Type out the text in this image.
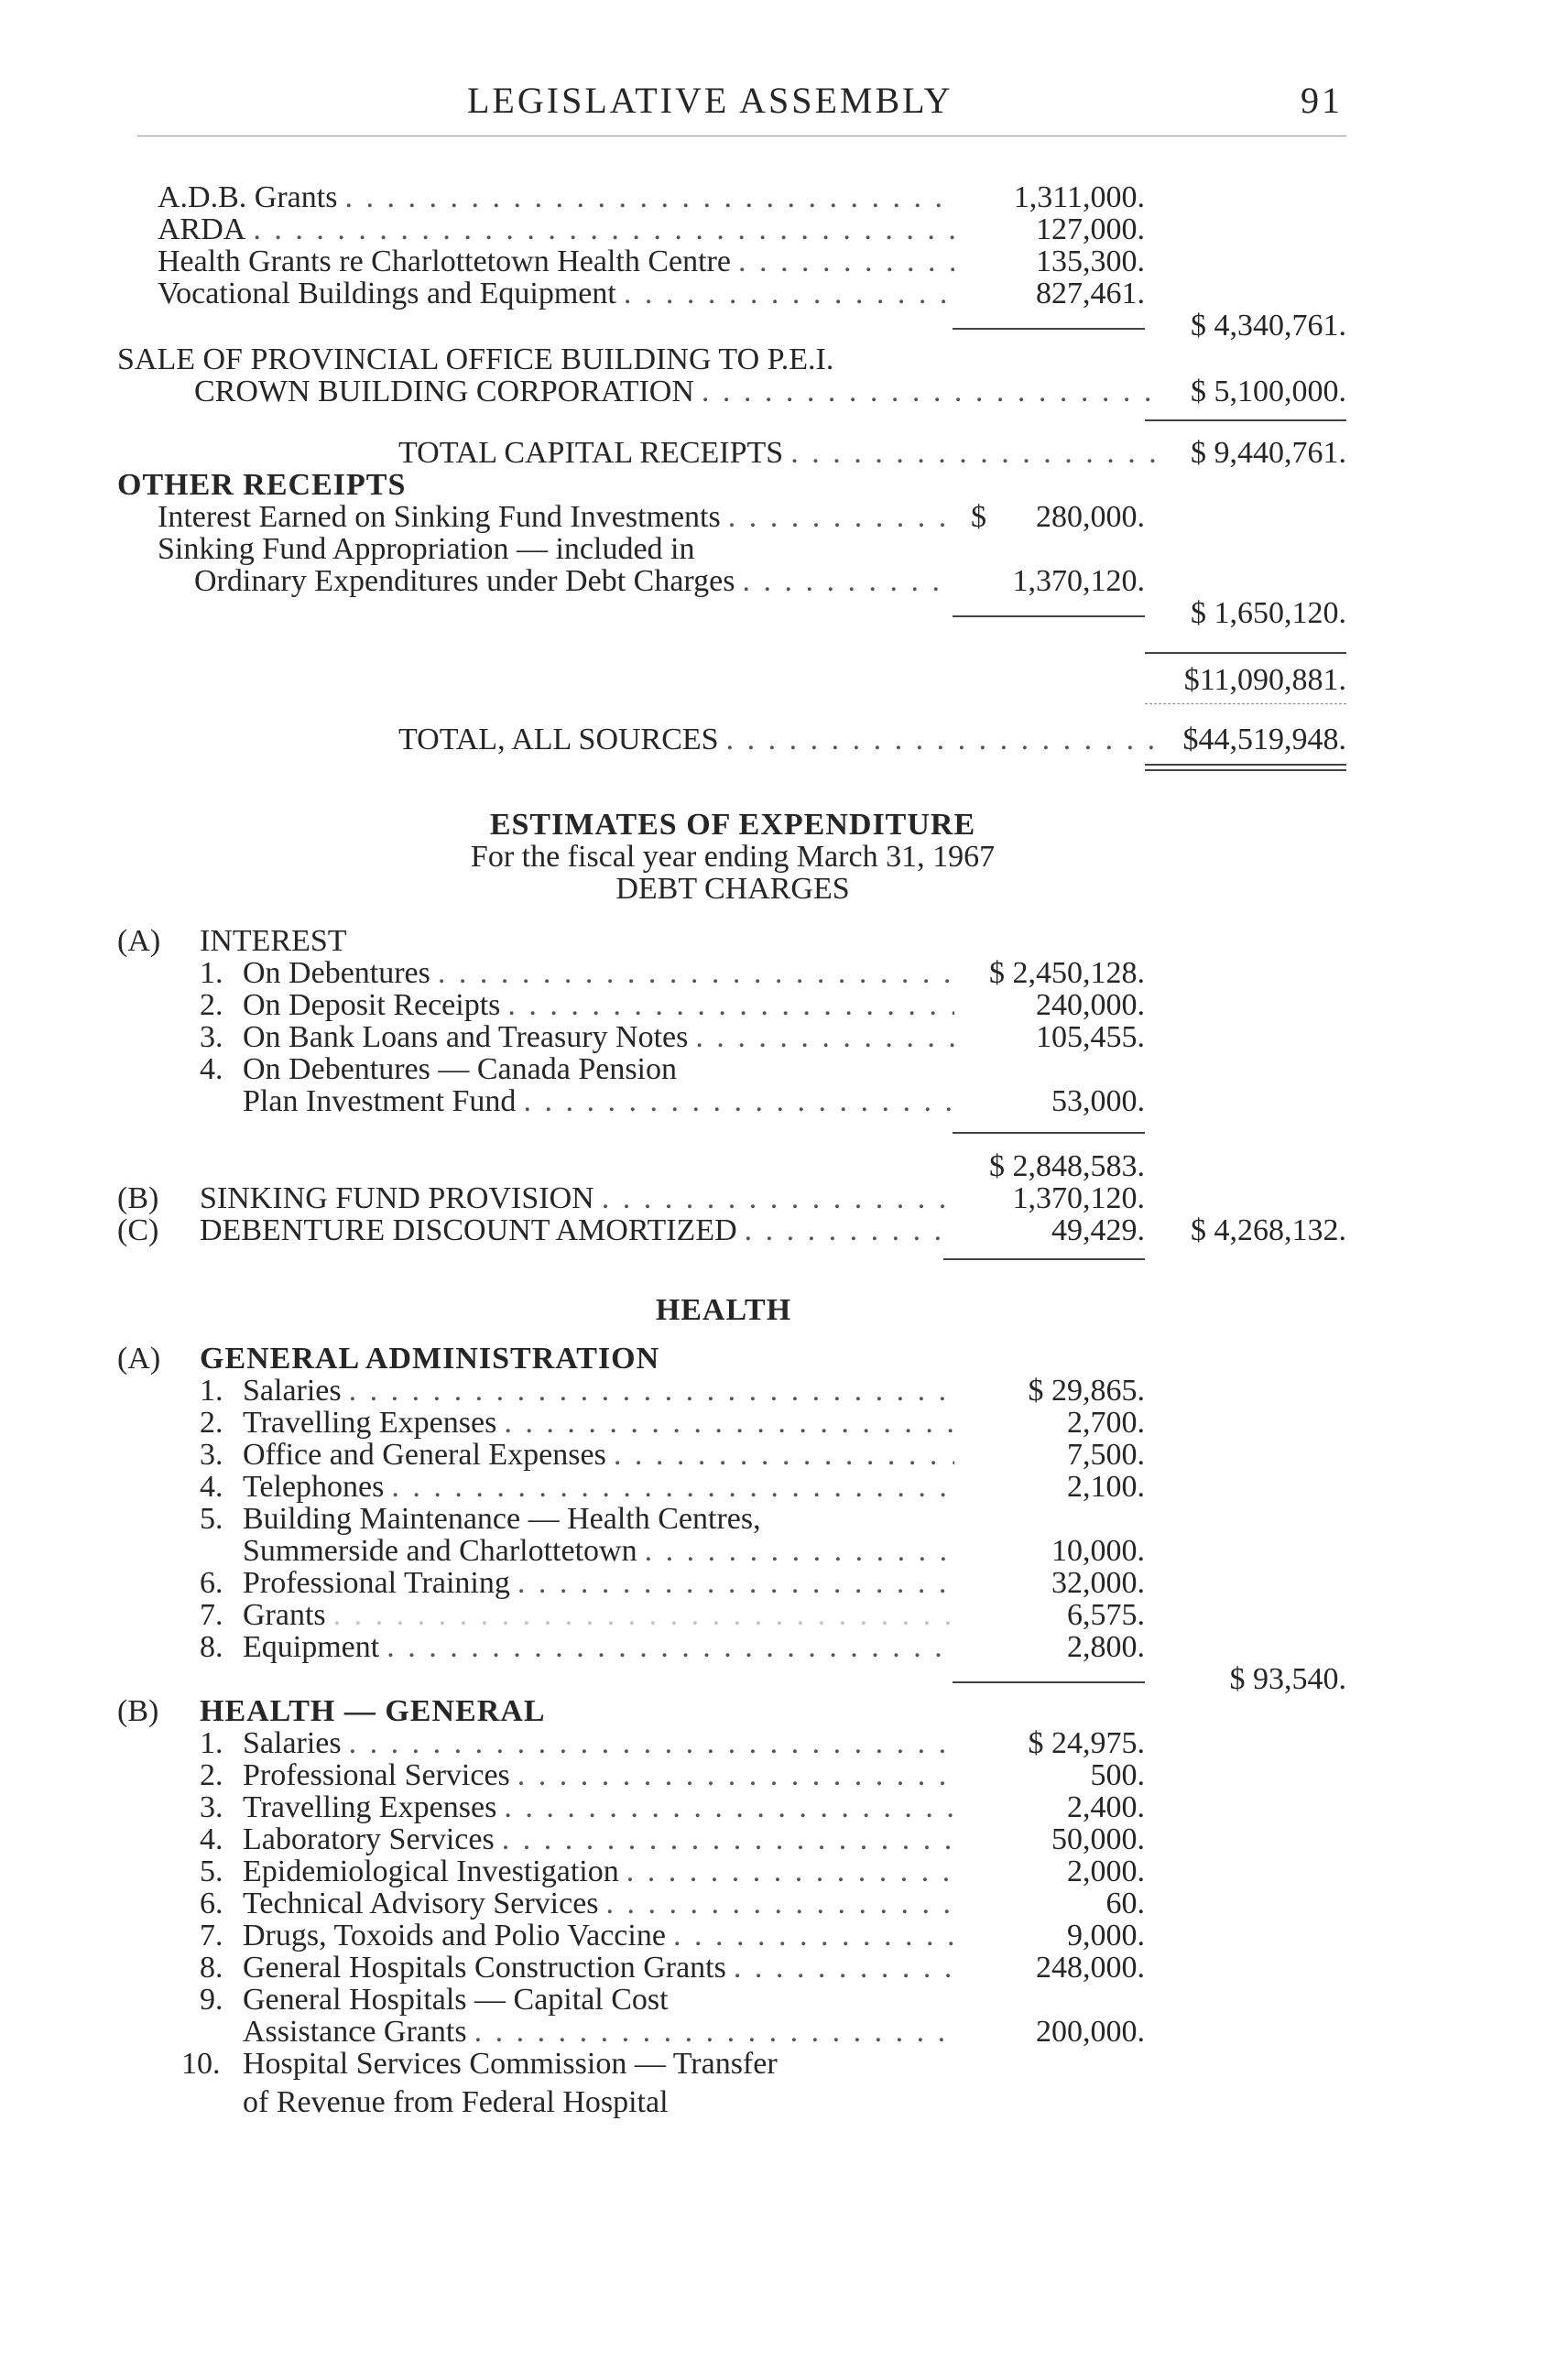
LEGISLATIVE ASSEMBLY	91
A.D.B. Grants . . .	1,311,000.
ARDA . . .	127,000.
Health Grants re Charlottetown Health Centre . . .	135,300.
Vocational Buildings and Equipment . . .	827,461.
$ 4,340,761.
SALE OF PROVINCIAL OFFICE BUILDING TO P.E.I.
CROWN BUILDING CORPORATION . . .	$ 5,100,000.
TOTAL CAPITAL RECEIPTS . . .	$ 9,440,761.
OTHER RECEIPTS
Interest Earned on Sinking Fund Investments . . .	$	280,000.
Sinking Fund Appropriation — included in
Ordinary Expenditures under Debt Charges . . .	1,370,120.
$ 1,650,120.
$11,090,881.
TOTAL, ALL SOURCES . . .	$44,519,948.
ESTIMATES OF EXPENDITURE
For the fiscal year ending March 31, 1967
DEBT CHARGES
(A) INTEREST
1. On Debentures . . .	$ 2,450,128.
2. On Deposit Receipts . . .	240,000.
3. On Bank Loans and Treasury Notes . . .	105,455.
4. On Debentures — Canada Pension
Plan Investment Fund . . .	53,000.
$ 2,848,583.
(B) SINKING FUND PROVISION . . .	1,370,120.
(C) DEBENTURE DISCOUNT AMORTIZED . . .	49,429.	$ 4,268,132.
HEALTH
(A) GENERAL ADMINISTRATION
1. Salaries . . .	$ 29,865.
2. Travelling Expenses . . .	2,700.
3. Office and General Expenses . . .	7,500.
4. Telephones . . .	2,100.
5. Building Maintenance — Health Centres,
Summerside and Charlottetown . . .	10,000.
6. Professional Training . . .	32,000.
7. Grants . . .	6,575.
8. Equipment . . .	2,800.
$ 93,540.
(B) HEALTH — GENERAL
1. Salaries . . .	$ 24,975.
2. Professional Services . . .	500.
3. Travelling Expenses . . .	2,400.
4. Laboratory Services . . .	50,000.
5. Epidemiological Investigation . . .	2,000.
6. Technical Advisory Services . . .	60.
7. Drugs, Toxoids and Polio Vaccine . . .	9,000.
8. General Hospitals Construction Grants . . .	248,000.
9. General Hospitals — Capital Cost
Assistance Grants . . .	200,000.
10. Hospital Services Commission — Transfer
of Revenue from Federal Hospital
